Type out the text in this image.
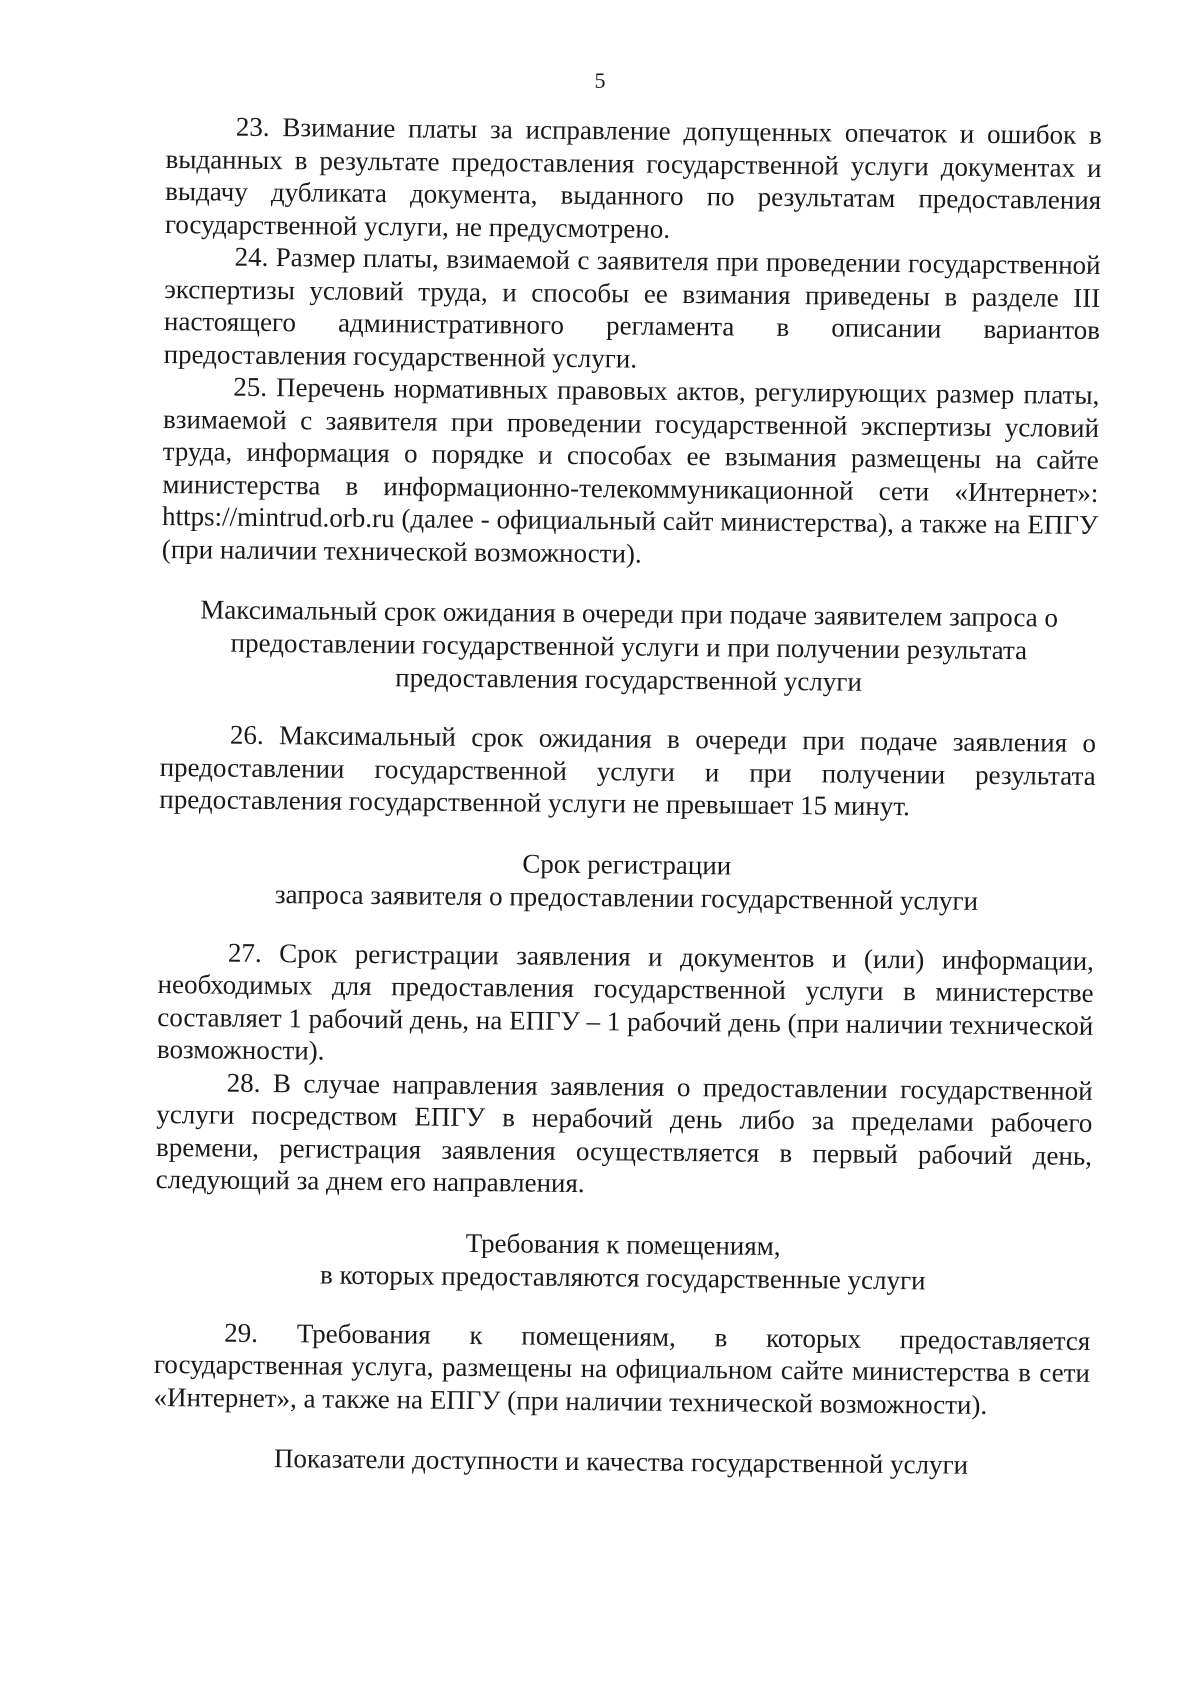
5

23. Взимание платы за исправление допущенных опечаток и ошибок в выданных в результате предоставления государственной услуги документах и выдачу дубликата документа, выданного по результатам предоставления государственной услуги, не предусмотрено.

24. Размер платы, взимаемой с заявителя при проведении государственной экспертизы условий труда, и способы ее взимания приведены в разделе III настоящего административного регламента в описании вариантов предоставления государственной услуги.

25. Перечень нормативных правовых актов, регулирующих размер платы, взимаемой с заявителя при проведении государственной экспертизы условий труда, информация о порядке и способах ее взымания размещены на сайте министерства в информационно-телекоммуникационной сети «Интернет»: https://mintrud.orb.ru (далее - официальный сайт министерства), а также на ЕПГУ (при наличии технической возможности).

Максимальный срок ожидания в очереди при подаче заявителем запроса о предоставлении государственной услуги и при получении результата предоставления государственной услуги

26. Максимальный срок ожидания в очереди при подаче заявления о предоставлении государственной услуги и при получении результата предоставления государственной услуги не превышает 15 минут.

Срок регистрации

запроса заявителя о предоставлении государственной услуги

27. Срок регистрации заявления и документов и (или) информации, необходимых для предоставления государственной услуги в министерстве составляет 1 рабочий день, на ЕПГУ – 1 рабочий день (при наличии технической возможности).

28. В случае направления заявления о предоставлении государственной услуги посредством ЕПГУ в нерабочий день либо за пределами рабочего времени, регистрация заявления осуществляется в первый рабочий день, следующий за днем его направления.

Требования к помещениям,

в которых предоставляются государственные услуги

29. Требования к помещениям, в которых предоставляется государственная услуга, размещены на официальном сайте министерства в сети «Интернет», а также на ЕПГУ (при наличии технической возможности).

Показатели доступности и качества государственной услуги
